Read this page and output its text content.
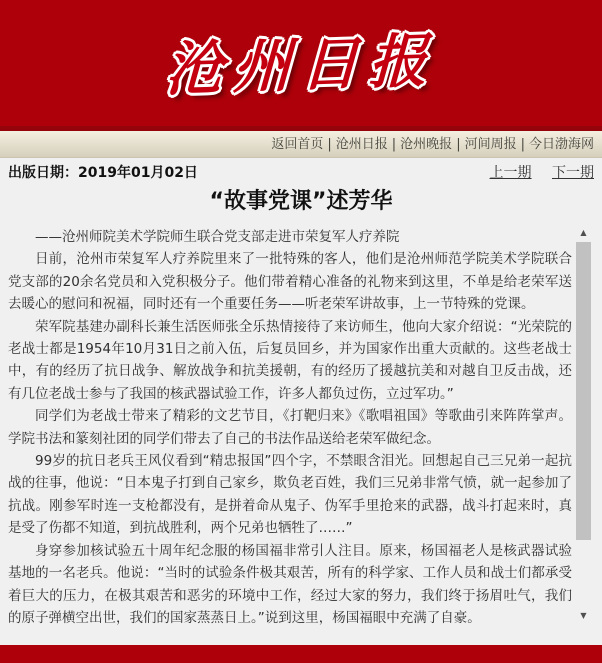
沧州日报
返回首页 | 沧州日报 | 沧州晚报 | 河间周报 | 今日渤海网
出版日期：2019年01月02日	上一期 下一期
“故事党课”述芳华

——沧州师院美术学院师生联合党支部走进市荣复军人疗养院

日前，沧州市荣复军人疗养院里来了一批特殊的客人，他们是沧州师范学院美术学院联合党支部的20余名党员和入党积极分子。他们带着精心准备的礼物来到这里，不单是给老荣军送去暖心的慰问和祝福，同时还有一个重要任务——听老荣军讲故事，上一节特殊的党课。

荣军院基建办副科长兼生活医师张全乐热情接待了来访师生，他向大家介绍说：“光荣院的老战士都是1954年10月31日之前入伍，后复员回乡，并为国家作出重大贡献的。这些老战士中，有的经历了抗日战争、解放战争和抗美援朝，有的经历了援越抗美和对越自卫反击战，还有几位老战士参与了我国的核武器试验工作，许多人都负过伤，立过军功。”

同学们为老战士带来了精彩的文艺节目，《打靶归来》《歌唱祖国》等歌曲引来阵阵掌声。学院书法和篆刻社团的同学们带去了自己的书法作品送给老荣军做纪念。

99岁的抗日老兵王风仪看到“精忠报国”四个字，不禁眼含泪光。回想起自己三兄弟一起抗战的往事，他说：“日本鬼子打到自己家乡，欺负老百姓，我们三兄弟非常气愤，就一起参加了抗战。刚参军时连一支枪都没有，是拼着命从鬼子、伪军手里抢来的武器，战斗打起来时，真是受了伤都不知道，到抗战胜利，两个兄弟也牺牲了……”

身穿参加核试验五十周年纪念服的杨国福非常引人注目。原来，杨国福老人是核武器试验基地的一名老兵。他说：“当时的试验条件极其艰苦，所有的科学家、工作人员和战士们都承受着巨大的压力，在极其艰苦和恶劣的环境中工作，经过大家的努力，我们终于扬眉吐气，我们的原子弹横空出世，我们的国家蒸蒸日上。”说到这里，杨国福眼中充满了自豪。

▲
▼
